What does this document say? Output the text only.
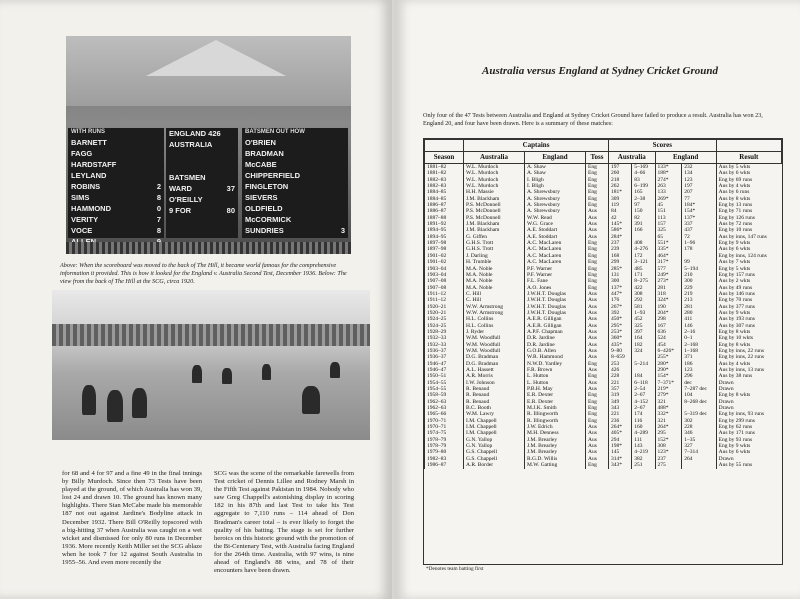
WITH RUNS
BARNETT
FAGG
HARDSTAFF
LEYLAND
ROBINS	2
SIMS	8
HAMMOND	0
VERITY	7
VOCE	8
ENGLAND 426
AUSTRALIA
BATSMEN
WARD	37
O'REILLY
9 FOR	80
BATSMEN OUT HOW
O'BRIEN
BRADMAN
McCABE
CHIPPERFIELD
FINGLETON
SIEVERS
OLDFIELD
McCORMICK
SUNDRIES	3
Above: When the scoreboard was moved to the back of The Hill, it became world famous for the comprehensive information it provided. This is how it looked for the England v. Australia Second Test, December 1936. Below: The view from the back of The Hill at the SCG, circa 1920.
for 68 and 4 for 97 and a fine 49 in the final innings by Billy Murdoch. Since then 73 Tests have been played at the ground, of which Australia has won 39, lost 24 and drawn 10. The ground has known many highlights. There Stan McCabe made his memorable 187 not out against Jardine's Bodyline attack in December 1932. There Bill O'Reilly topscored with a big-hitting 37 when Australia was caught on a wet wicket and dismissed for only 80 runs in December 1936. More recently Keith Miller set the SCG ablaze when he took 7 for 12 against South Australia in 1955–56. And even more recently the
SCG was the scene of the remarkable farewells from Test cricket of Dennis Lillee and Rodney Marsh in the Fifth Test against Pakistan in 1984. Nobody who saw Greg Chappell's astonishing display in scoring 182 in his 87th and last Test to take his Test aggregate to 7,110 runs – 114 ahead of Don Bradman's career total – is ever likely to forget the quality of his batting. The stage is set for further heroics on this historic ground with the promotion of the Bi-Centenary Test, with Australia facing England for the 264th time. Australia, with 97 wins, is nine ahead of England's 88 wins, and 78 of their encounters have been drawn.
Australia versus England at Sydney Cricket Ground
Only four of the 47 Tests between Australia and England at Sydney Cricket Ground have failed to produce a result. Australia has won 23, England 20, and four have been drawn. Here is a summary of these matches:
	Captains			Scores				
Season	Australia	England	Toss	Australia		England		Result
1881–82	W.L. Murdoch	A. Shaw	Eng	197	5–169	133*	232	Aus by 5 wkts
1881–82	W.L. Murdoch	A. Shaw	Eng	260	4–66	188*	134	Aus by 6 wkts
1882–83	W.L. Murdoch	I. Bligh	Eng	218	83	274*	123	Eng by 69 runs
1882–83	W.L. Murdoch	I. Bligh	Eng	262	6–199	263	197	Aus by 4 wkts
1884–85	H.H. Massie	A. Shrewsbury	Eng	181*	165	133	207	Aus by 6 runs
1884–85	J.M. Blackham	A. Shrewsbury	Eng	309	2–38	269*	77	Aus by 8 wkts
1886–87	P.S. McDonnell	A. Shrewsbury	Eng	119	97	45	184*	Eng by 13 runs
1886–87	P.S. McDonnell	A. Shrewsbury	Aus	84	150	151	154*	Eng by 71 runs
1887–88	P.S. McDonnell	W.W. Read	Aus	42	82	113	137*	Eng by 126 runs
1891–92	J.M. Blackham	W.G. Grace	Aus	145*	391	157	337	Aus by 72 runs
1894–95	J.M. Blackham	A.E. Stoddart	Aus	586*	166	325	437	Eng by 10 runs
1894–95	G. Giffen	A.E. Stoddart	Aus	284*		65	72	Aus by inns, 147 runs
1897–98	G.H.S. Trott	A.C. MacLaren	Eng	237	408	551*	1–96	Eng by 9 wkts
1897–98	G.H.S. Trott	A.C. MacLaren	Eng	239	4–276	335*	178	Aus by 6 wkts
1901–02	J. Darling	A.C. MacLaren	Eng	168	172	464*		Eng by inns, 124 runs
1901–02	H. Trumble	A.C. MacLaren	Eng	299	3–121	317*	99	Aus by 7 wkts
1903–04	M.A. Noble	P.F. Warner	Eng	285*	485	577	5–194	Eng by 5 wkts
1903–04	M.A. Noble	P.F. Warner	Eng	131	171	249*	210	Eng by 157 runs
1907–08	M.A. Noble	F.L. Fane	Eng	300	8–275	273*	300	Aus by 2 wkts
1907–08	M.A. Noble	A.O. Jones	Eng	137*	422	281	229	Aus by 49 runs
1911–12	C. Hill	J.W.H.T. Douglas	Aus	447*	308	318	219	Aus by 146 runs
1911–12	C. Hill	J.W.H.T. Douglas	Aus	176	292	324*	213	Eng by 70 runs
1920–21	W.W. Armstrong	J.W.H.T. Douglas	Aus	267*	581	190	281	Aus by 377 runs
1920–21	W.W. Armstrong	J.W.H.T. Douglas	Aus	392	1–93	204*	280	Aus by 9 wkts
1924–25	H.L. Collins	A.E.R. Gilligan	Aus	450*	452	298	411	Aus by 193 runs
1924–25	H.L. Collins	A.E.R. Gilligan	Aus	295*	325	167	146	Aus by 307 runs
1928–29	J. Ryder	A.P.F. Chapman	Aus	253*	397	636	2–16	Eng by 8 wkts
1932–33	W.M. Woodfull	D.R. Jardine	Aus	360*	164	524	0–1	Eng by 10 wkts
1932–33	W.M. Woodfull	D.R. Jardine	Aus	435*	182	454	2–168	Eng by 8 wkts
1936–37	W.M. Woodfull	G.O.B. Allen	Aus	9–80	324	6–426*	1–168	Eng by inns, 22 runs
1936–37	D.G. Bradman	W.R. Hammond	Aus	8–659		255*	371	Eng by inns, 22 runs
1946–47	D.G. Bradman	N.W.D. Yardley	Eng	253	5–214	280*	186	Aus by 4 wkts
1946–47	A.L. Hassett	F.R. Brown	Aus	426		290*	123	Aus by inns, 13 runs
1950–51	A.R. Morris	L. Hutton	Eng	228	184	154*	296	Aus by 38 runs
1954–55	I.W. Johnson	L. Hutton	Aus	221	6–118	7–371*	dec	Drawn
1954–55	R. Benaud	P.B.H. May	Aus	357	2–54	219*	7–287 dec	Drawn
1958–59	R. Benaud	E.R. Dexter	Eng	319	2–67	279*	104	Eng by 8 wkts
1962–63	R. Benaud	E.R. Dexter	Eng	349	4–152	321	8–268 dec	Drawn
1962–63	B.C. Booth	M.J.K. Smith	Eng	343	2–67	488*		Drawn
1965–66	W.M. Lawry	R. Illingworth	Eng	221	174	332*	5–319 dec	Eng by inns, 93 runs
1970–71	I.M. Chappell	R. Illingworth	Eng	236	116	321	302	Eng by 299 runs
1970–71	I.M. Chappell	J.W. Edrich	Aus	264*	160	264*	228	Eng by 62 runs
1974–75	I.M. Chappell	M.H. Denness	Aus	405*	4–289	295	346	Aus by 171 runs
1978–79	G.N. Yallop	J.M. Brearley	Aus	294	111	152*	1–35	Eng by 93 runs
1978–79	G.N. Yallop	J.M. Brearley	Aus	198*	143	308	327	Eng by 9 wkts
1979–80	G.S. Chappell	J.M. Brearley	Aus	145	4–219	123*	7–314	Aus by 6 wkts
1982–83	G.S. Chappell	R.G.D. Willis	Aus	314*	382	237	264	Drawn
1986–87	A.R. Border	M.W. Gatting	Eng	343*	251	275		Aus by 55 runs
*Denotes team batting first
